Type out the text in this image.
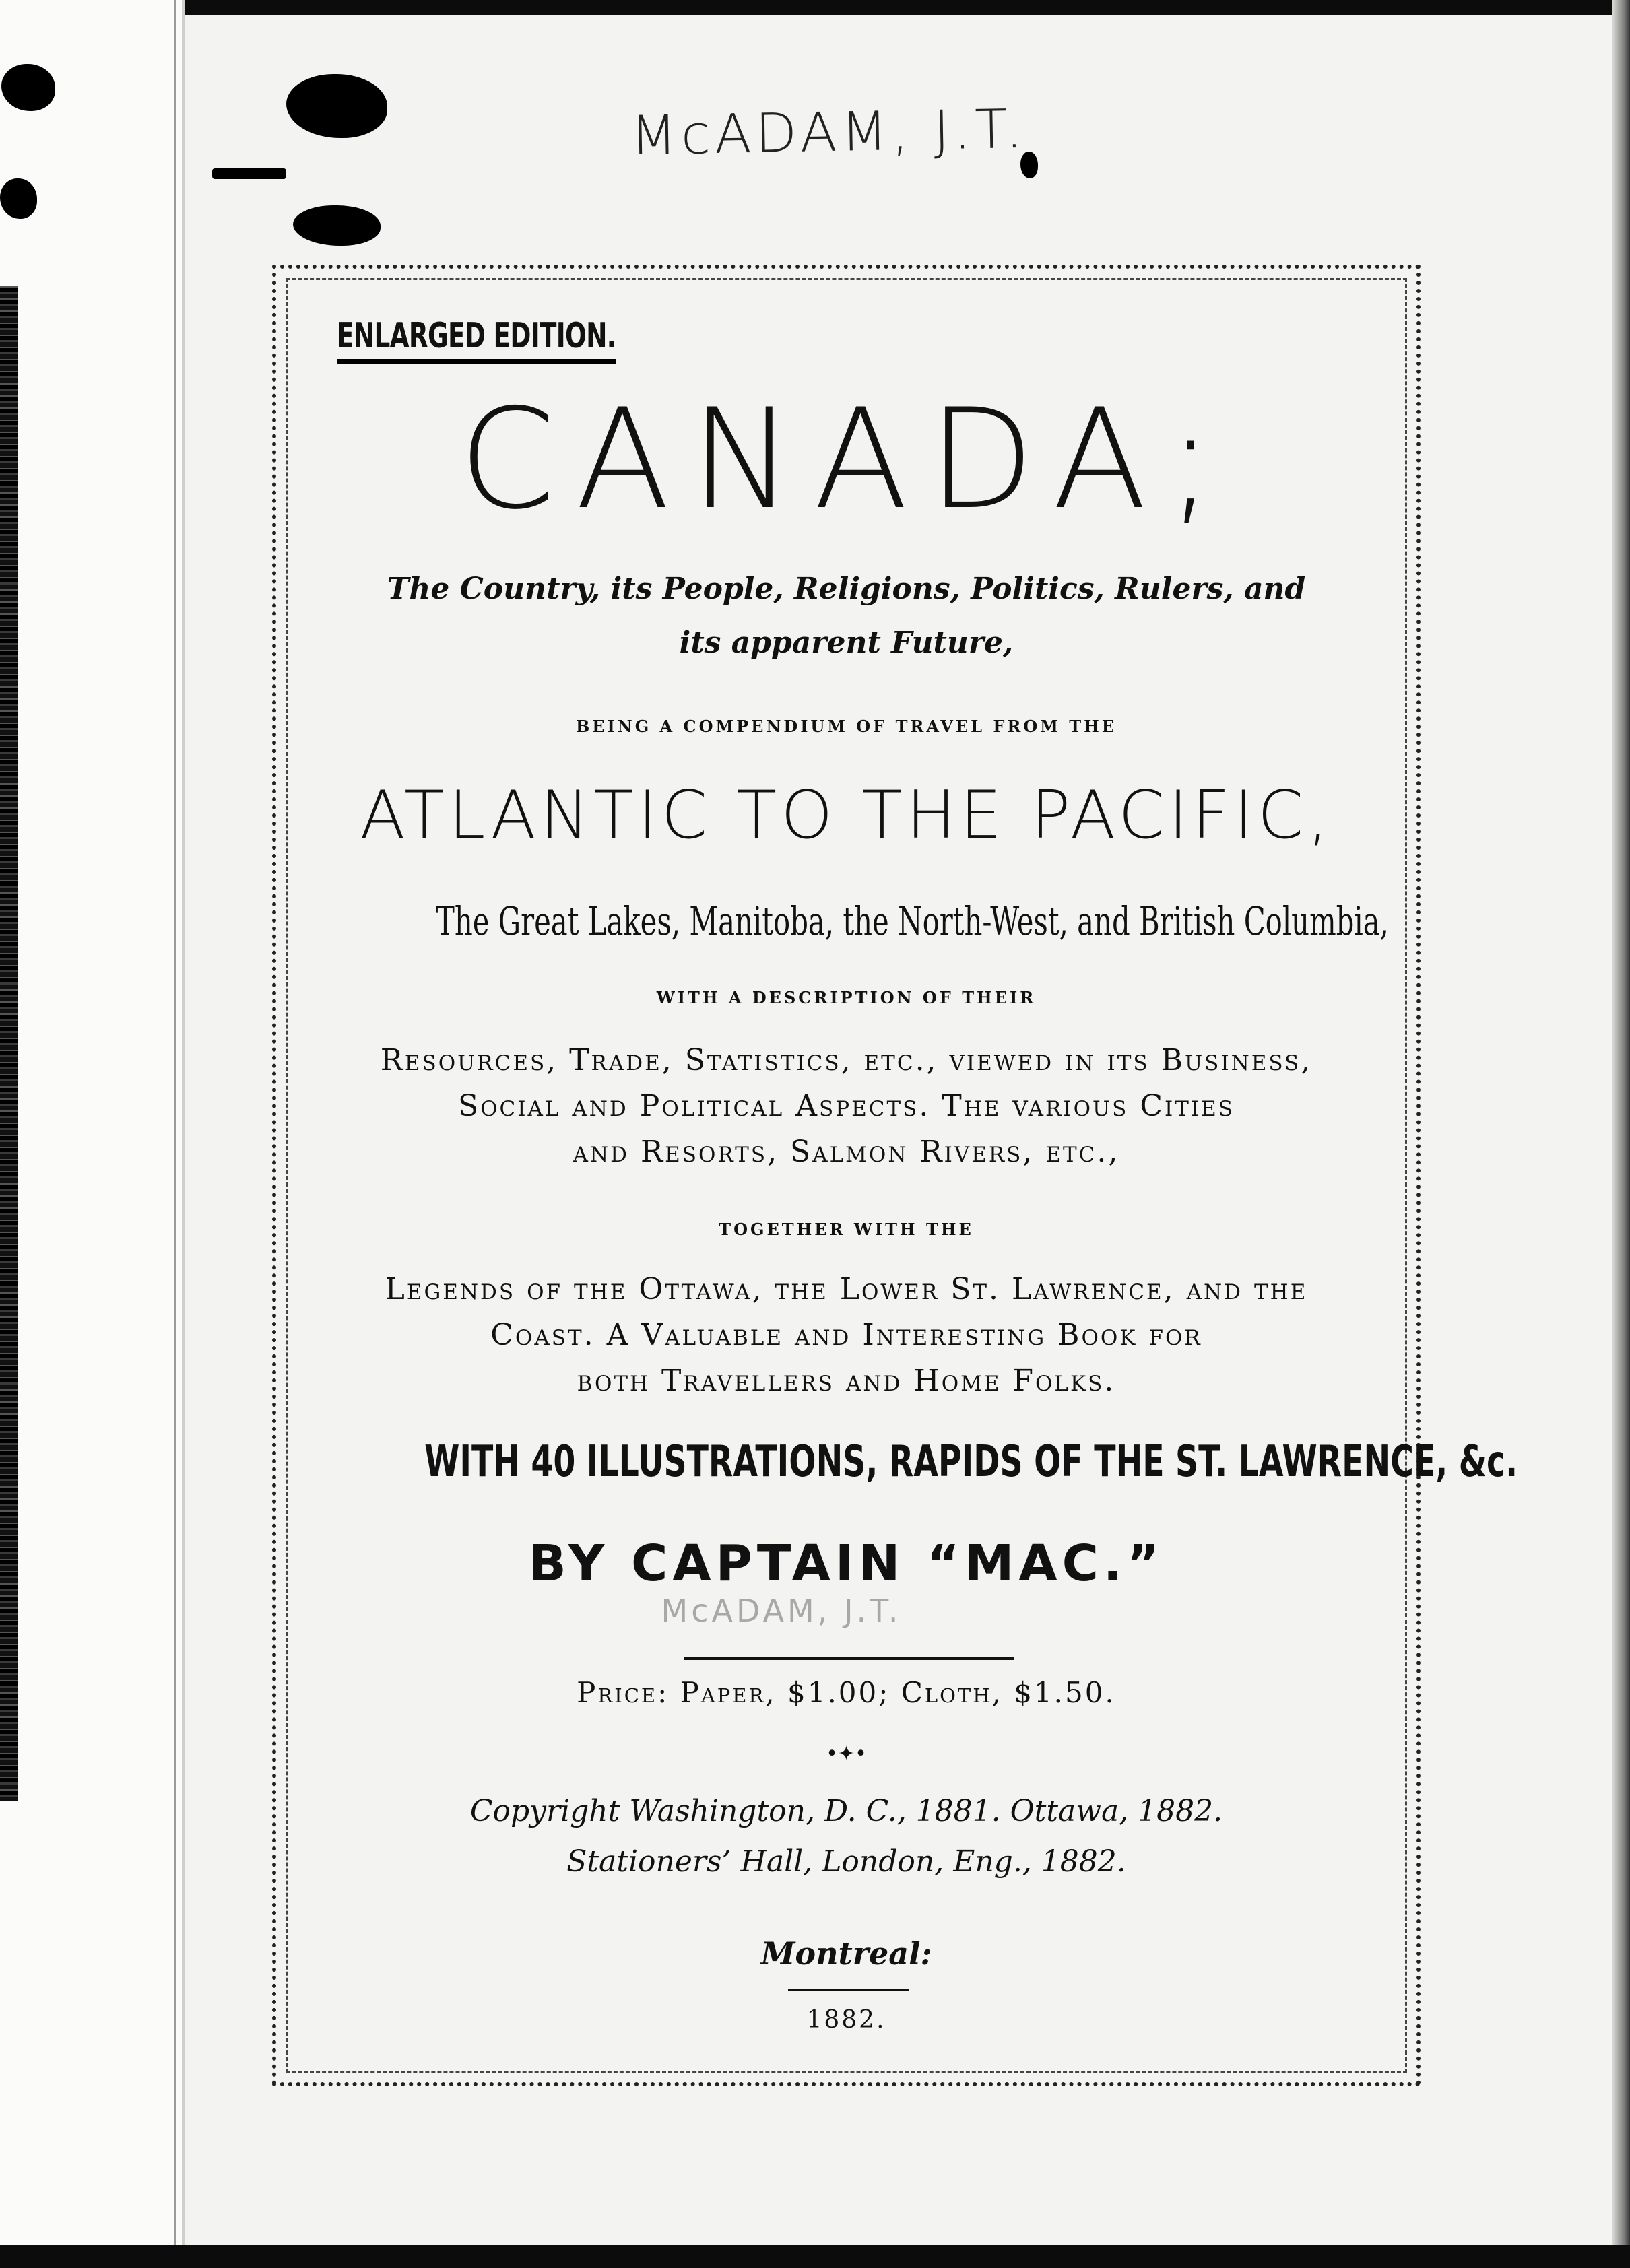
McADAM, J.T.
ENLARGED EDITION.
CANADA;
The Country, its People, Religions, Politics, Rulers, and
its apparent Future,
BEING A COMPENDIUM OF TRAVEL FROM THE
ATLANTIC TO THE PACIFIC,
The Great Lakes, Manitoba, the North-West, and British Columbia,
WITH A DESCRIPTION OF THEIR
Resources, Trade, Statistics, etc., viewed in its Business,
Social and Political Aspects. The various Cities
and Resorts, Salmon Rivers, etc.,
TOGETHER WITH THE
Legends of the Ottawa, the Lower St. Lawrence, and the
Coast. A Valuable and Interesting Book for
both Travellers and Home Folks.
WITH 40 ILLUSTRATIONS, RAPIDS OF THE ST. LAWRENCE, &c.
BY CAPTAIN “MAC.”
Price: Paper, $1.00; Cloth, $1.50.
•✦•
Copyright Washington, D. C., 1881. Ottawa, 1882.
Stationers’ Hall, London, Eng., 1882.
Montreal:
1882.
McADAM, J.T.
